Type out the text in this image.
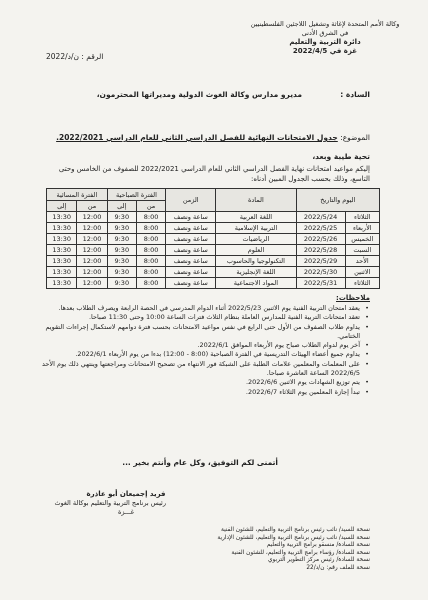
وكالة الأمم المتحدة لإغاثة وتشغيل اللاجئين الفلسطينيين
في الشرق الأدنى
دائرة التربية والتعليم
غزة في 2022/4/5
الرقم : ن/د/2022
السادة :
مديرو مدارس وكالة الغوث الدولية ومديراتها المحترمون،
الموضوع: جدول الامتحانات النهائية للفصل الدراسي الثاني للعام الدراسي 2022/2021.
تحية طيبة وبعد،
إليكم مواعيد امتحانات نهاية الفصل الدراسي الثاني للعام الدراسي 2022/2021 للصفوف من الخامس وحتى التاسع، وذلك بحسب الجدول المبين أدناه:
اليوم والتاريخ		المادة	الزمن	الفترة الصباحية		الفترة المسائية	
				من	إلى	من	إلى
الثلاثاء	2022/5/24	اللغة العربية	ساعة ونصف	8:00	9:30	12:00	13:30
الأربعاء	2022/5/25	التربية الإسلامية	ساعة ونصف	8:00	9:30	12:00	13:30
الخميس	2022/5/26	الرياضيات	ساعة ونصف	8:00	9:30	12:00	13:30
السبت	2022/5/28	العلوم	ساعة ونصف	8:00	9:30	12:00	13:30
الأحد	2022/5/29	التكنولوجيا والحاسوب	ساعة ونصف	8:00	9:30	12:00	13:30
الاثنين	2022/5/30	اللغة الإنجليزية	ساعة ونصف	8:00	9:30	12:00	13:30
الثلاثاء	2022/5/31	المواد الاجتماعية	ساعة ونصف	8:00	9:30	12:00	13:30
ملاحظات:
• يعقد امتحان التربية الفنية يوم الاثنين 2022/5/23 أثناء الدوام المدرسي في الحصة الرابعة ويصرف الطلاب بعدها.
• تعقد امتحانات التربية الفنية للمدارس العاملة بنظام الثلاث فترات الساعة 10:00 وحتى 11:30 صباحا.
• يداوم طلاب الصفوف من الأول حتى الرابع في نفس مواعيد الامتحانات بحسب فترة دوامهم لاستكمال إجراءات التقويم الختامي.
• آخر يوم لدوام الطلاب صباح يوم الأربعاء الموافق 2022/6/1.
• يداوم جميع أعضاء الهيئات التدريسية في الفترة الصباحية (8:00 - 12:00) بدءا من يوم الأربعاء 2022/6/1.
• على المعلمات والمعلمين علامات الطلبة على الشبكة فور الانتهاء من تصحيح الامتحانات ومراجعتها وينتهي ذلك يوم الأحد 2022/6/5 الساعة العاشرة صباحا.
• يتم توزيع الشهادات يوم الاثنين 2022/6/6.
• تبدأ إجازة المعلمين يوم الثلاثاء 2022/6/7.
أتمنى لكم التوفيق، وكل عام وأنتم بخير ...
فريد إجميعان أبو عاذرة
رئيس برنامج التربية والتعليم بوكالة الغوث
غـــزة
نسخة للسيد/ نائب رئيس برنامج التربية والتعليم، للشئون الفنية
نسخة للسيد/ نائب رئيس برنامج التربية والتعليم، للشئون الإدارية
نسخة للسادة/ منسقو برامج التربية والتعليم
نسخة للسادة/ رؤساء برامج التربية والتعليم، للشئون الفنية
نسخة للسادة/ رئيس مركز التطوير التربوي
نسخة للملف رقم: ن/د/22
